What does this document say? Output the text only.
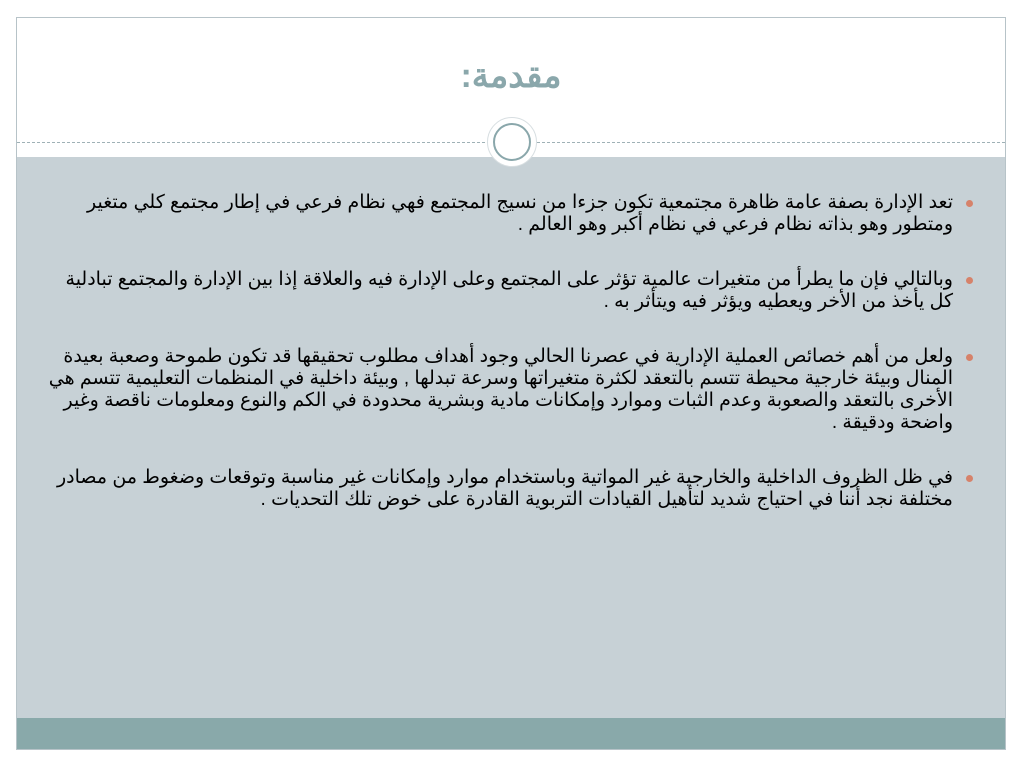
مقدمة:
تعد الإدارة بصفة عامة ظاهرة مجتمعية تكون جزءا من نسيج المجتمع فهي نظام فرعي في إطار مجتمع كلي متغير ومتطور وهو بذاته نظام فرعي في نظام أكبر وهو العالم .
وبالتالي فإن ما يطرأ من متغيرات عالمية تؤثر على المجتمع وعلى الإدارة فيه والعلاقة إذا بين الإدارة والمجتمع تبادلية كل يأخذ من الأخر ويعطيه ويؤثر فيه ويتأثر به .
ولعل من أهم خصائص العملية الإدارية في عصرنا الحالي وجود أهداف مطلوب تحقيقها قد تكون طموحة وصعبة بعيدة المنال وبيئة خارجية محيطة تتسم بالتعقد لكثرة متغيراتها وسرعة تبدلها , وبيئة داخلية في المنظمات التعليمية تتسم هي الأخرى بالتعقد والصعوبة وعدم الثبات وموارد وإمكانات مادية وبشرية محدودة في الكم والنوع ومعلومات ناقصة وغير واضحة ودقيقة .
في ظل الظروف الداخلية والخارجية غير المواتية وباستخدام موارد وإمكانات غير مناسبة وتوقعات وضغوط من مصادر مختلفة نجد أننا في احتياج شديد لتأهيل القيادات التربوية القادرة على خوض تلك التحديات .
